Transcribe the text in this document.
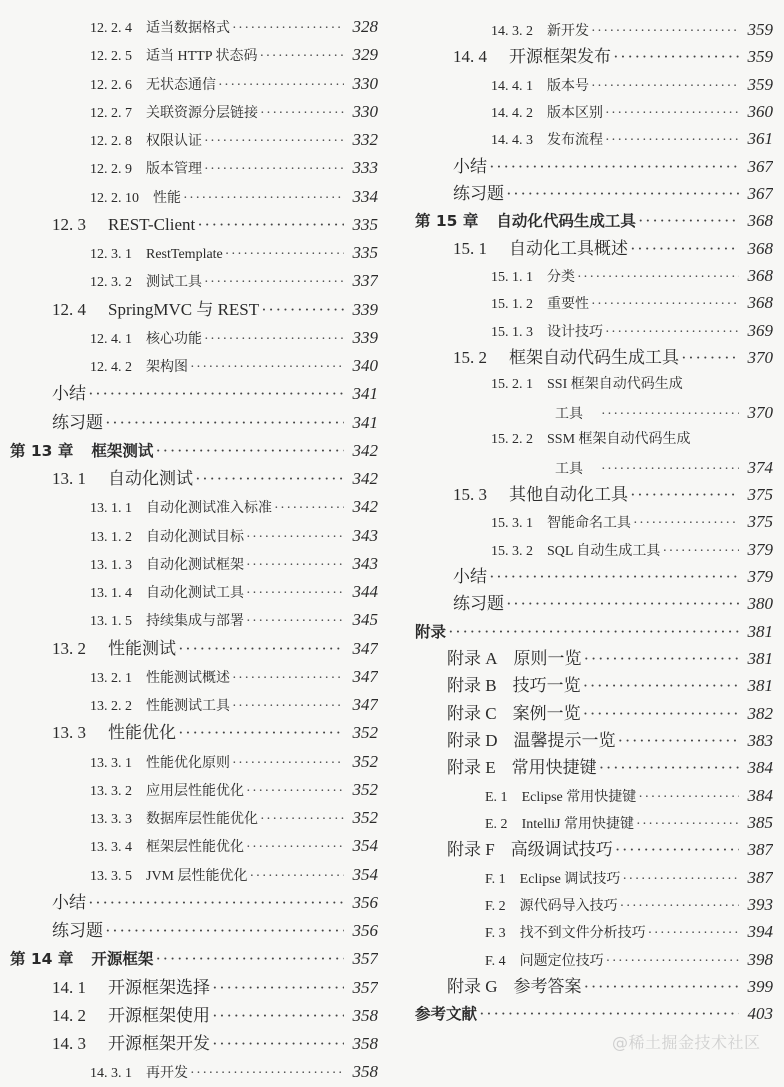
12. 2. 4 适当数据格式 ·····	328
12. 2. 5 适当 HTTP 状态码 ·····	329
12. 2. 6 无状态通信 ·····	330
12. 2. 7 关联资源分层链接 ·····	330
12. 2. 8 权限认证 ·····	332
12. 2. 9 版本管理 ·····	333
12. 2. 10 性能 ·····	334
12. 3 REST-Client ·····	335
12. 3. 1 RestTemplate ·····	335
12. 3. 2 测试工具 ·····	337
12. 4 SpringMVC 与 REST ·····	339
12. 4. 1 核心功能 ·····	339
12. 4. 2 架构图 ·····	340
小结 ·····	341
练习题 ·····	341
第 13 章 框架测试 ·····	342
13. 1 自动化测试 ·····	342
13. 1. 1 自动化测试准入标准 ·····	342
13. 1. 2 自动化测试目标 ·····	343
13. 1. 3 自动化测试框架 ·····	343
13. 1. 4 自动化测试工具 ·····	344
13. 1. 5 持续集成与部署 ·····	345
13. 2 性能测试 ·····	347
13. 2. 1 性能测试概述 ·····	347
13. 2. 2 性能测试工具 ·····	347
13. 3 性能优化 ·····	352
13. 3. 1 性能优化原则 ·····	352
13. 3. 2 应用层性能优化 ·····	352
13. 3. 3 数据库层性能优化 ·····	352
13. 3. 4 框架层性能优化 ·····	354
13. 3. 5 JVM 层性能优化 ·····	354
小结 ·····	356
练习题 ·····	356
第 14 章 开源框架 ·····	357
14. 1 开源框架选择 ·····	357
14. 2 开源框架使用 ·····	358
14. 3 开源框架开发 ·····	358
14. 3. 1 再开发 ·····	358
14. 3. 2 新开发 ·····	359
14. 4 开源框架发布 ·····	359
14. 4. 1 版本号 ·····	359
14. 4. 2 版本区别 ·····	360
14. 4. 3 发布流程 ·····	361
小结 ·····	367
练习题 ·····	367
第 15 章 自动化代码生成工具 ·····	368
15. 1 自动化工具概述 ·····	368
15. 1. 1 分类 ·····	368
15. 1. 2 重要性 ·····	368
15. 1. 3 设计技巧 ·····	369
15. 2 框架自动代码生成工具 ·····	370
15. 2. 1 SSI 框架自动代码生成
工具 ·····	370
15. 2. 2 SSM 框架自动代码生成
工具 ·····	374
15. 3 其他自动化工具 ·····	375
15. 3. 1 智能命名工具 ·····	375
15. 3. 2 SQL 自动生成工具 ·····	379
小结 ·····	379
练习题 ·····	380
附录 ·····	381
附录 A 原则一览 ·····	381
附录 B 技巧一览 ·····	381
附录 C 案例一览 ·····	382
附录 D 温馨提示一览 ·····	383
附录 E 常用快捷键 ·····	384
E. 1 Eclipse 常用快捷键 ·····	384
E. 2 IntelliJ 常用快捷键 ·····	385
附录 F 高级调试技巧 ·····	387
F. 1 Eclipse 调试技巧 ·····	387
F. 2 源代码导入技巧 ·····	393
F. 3 找不到文件分析技巧 ·····	394
F. 4 问题定位技巧 ·····	398
附录 G 参考答案 ·····	399
参考文献 ·····	403
@稀土掘金技术社区
